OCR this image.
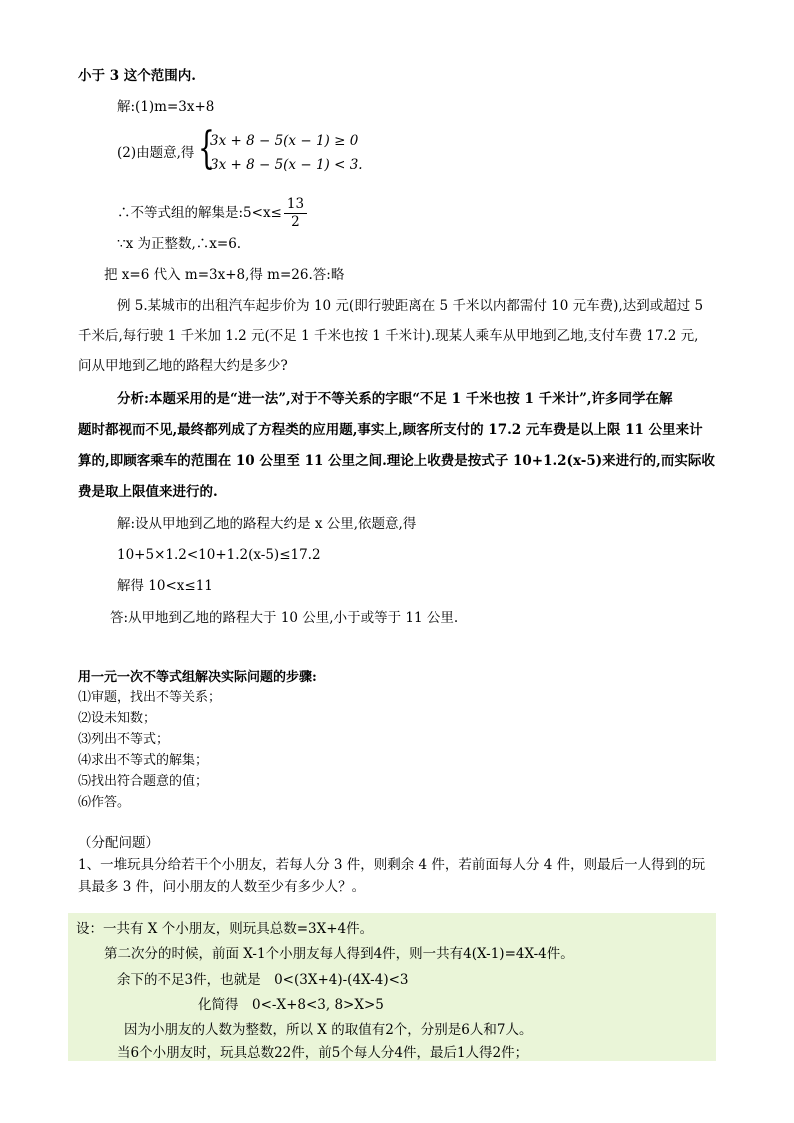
小于 3 这个范围内.
解:(1)m=3x+8
(2)由题意,得 {
3x + 8 − 5(x − 1) ≥ 0
3x + 8 − 5(x − 1) < 3.
∴不等式组的解集是:5<x≤ $\frac{13}{2}$
∵x 为正整数,∴x=6.
把 x=6 代入 m=3x+8,得 m=26.答:略
例 5.某城市的出租汽车起步价为 10 元(即行驶距离在 5 千米以内都需付 10 元车费),达到或超过 5
千米后,每行驶 1 千米加 1.2 元(不足 1 千米也按 1 千米计).现某人乘车从甲地到乙地,支付车费 17.2 元,
问从甲地到乙地的路程大约是多少?
分析:本题采用的是“进一法”,对于不等关系的字眼“不足 1 千米也按 1 千米计”,许多同学在解
题时都视而不见,最终都列成了方程类的应用题,事实上,顾客所支付的 17.2 元车费是以上限 11 公里来计
算的,即顾客乘车的范围在 10 公里至 11 公里之间.理论上收费是按式子 10+1.2(x-5)来进行的,而实际收
费是取上限值来进行的.
解:设从甲地到乙地的路程大约是 x 公里,依题意,得
10+5×1.2<10+1.2(x-5)≤17.2
解得 10<x≤11
答:从甲地到乙地的路程大于 10 公里,小于或等于 11 公里.
用一元一次不等式组解决实际问题的步骤:
⑴审题，找出不等关系；
⑵设未知数；
⑶列出不等式；
⑷求出不等式的解集；
⑸找出符合题意的值；
⑹作答。
（分配问题）
1、一堆玩具分给若干个小朋友，若每人分 3 件，则剩余 4 件，若前面每人分 4 件，则最后一人得到的玩
具最多 3 件，问小朋友的人数至少有多少人？。
设：一共有 X 个小朋友，则玩具总数=3X+4件。
第二次分的时候，前面 X-1个小朋友每人得到4件，则一共有4(X-1)=4X-4件。
余下的不足3件，也就是　0<(3X+4)-(4X-4)<3
化简得　0<-X+8<3, 8>X>5
因为小朋友的人数为整数，所以 X 的取值有2个，分别是6人和7人。
当6个小朋友时，玩具总数22件，前5个每人分4件，最后1人得2件；
